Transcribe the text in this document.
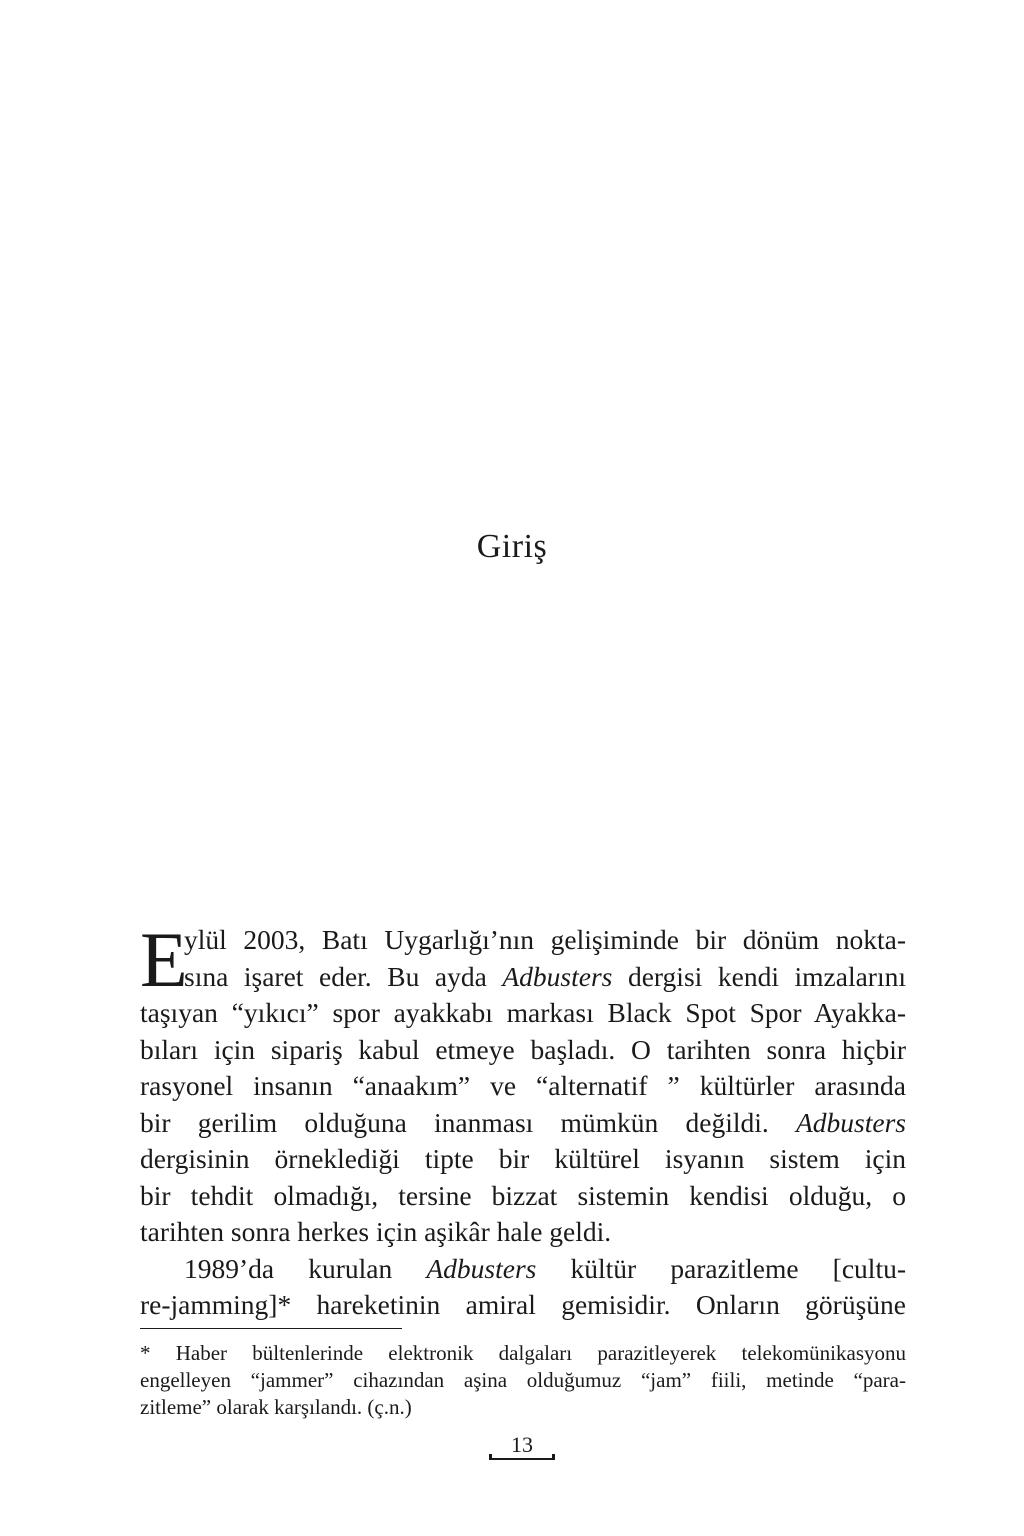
Giriş
E
ylül 2003, Batı Uygarlığı’nın gelişiminde bir dönüm nokta-
sına işaret eder. Bu ayda Adbusters dergisi kendi imzalarını
taşıyan “yıkıcı” spor ayakkabı markası Black Spot Spor Ayakka-
bıları için sipariş kabul etmeye başladı. O tarihten sonra hiçbir
rasyonel insanın “anaakım” ve “alternatif ” kültürler arasında
bir gerilim olduğuna inanması mümkün değildi. Adbusters
dergisinin örneklediği tipte bir kültürel isyanın sistem için
bir tehdit olmadığı, tersine bizzat sistemin kendisi olduğu, o
tarihten sonra herkes için aşikâr hale geldi.
1989’da kurulan Adbusters kültür parazitleme [cultu-
re-jamming]* hareketinin amiral gemisidir. Onların görüşüne
* Haber bültenlerinde elektronik dalgaları parazitleyerek telekomünikasyonu
engelleyen “jammer” cihazından aşina olduğumuz “jam” fiili, metinde “para-
zitleme” olarak karşılandı. (ç.n.)
13
